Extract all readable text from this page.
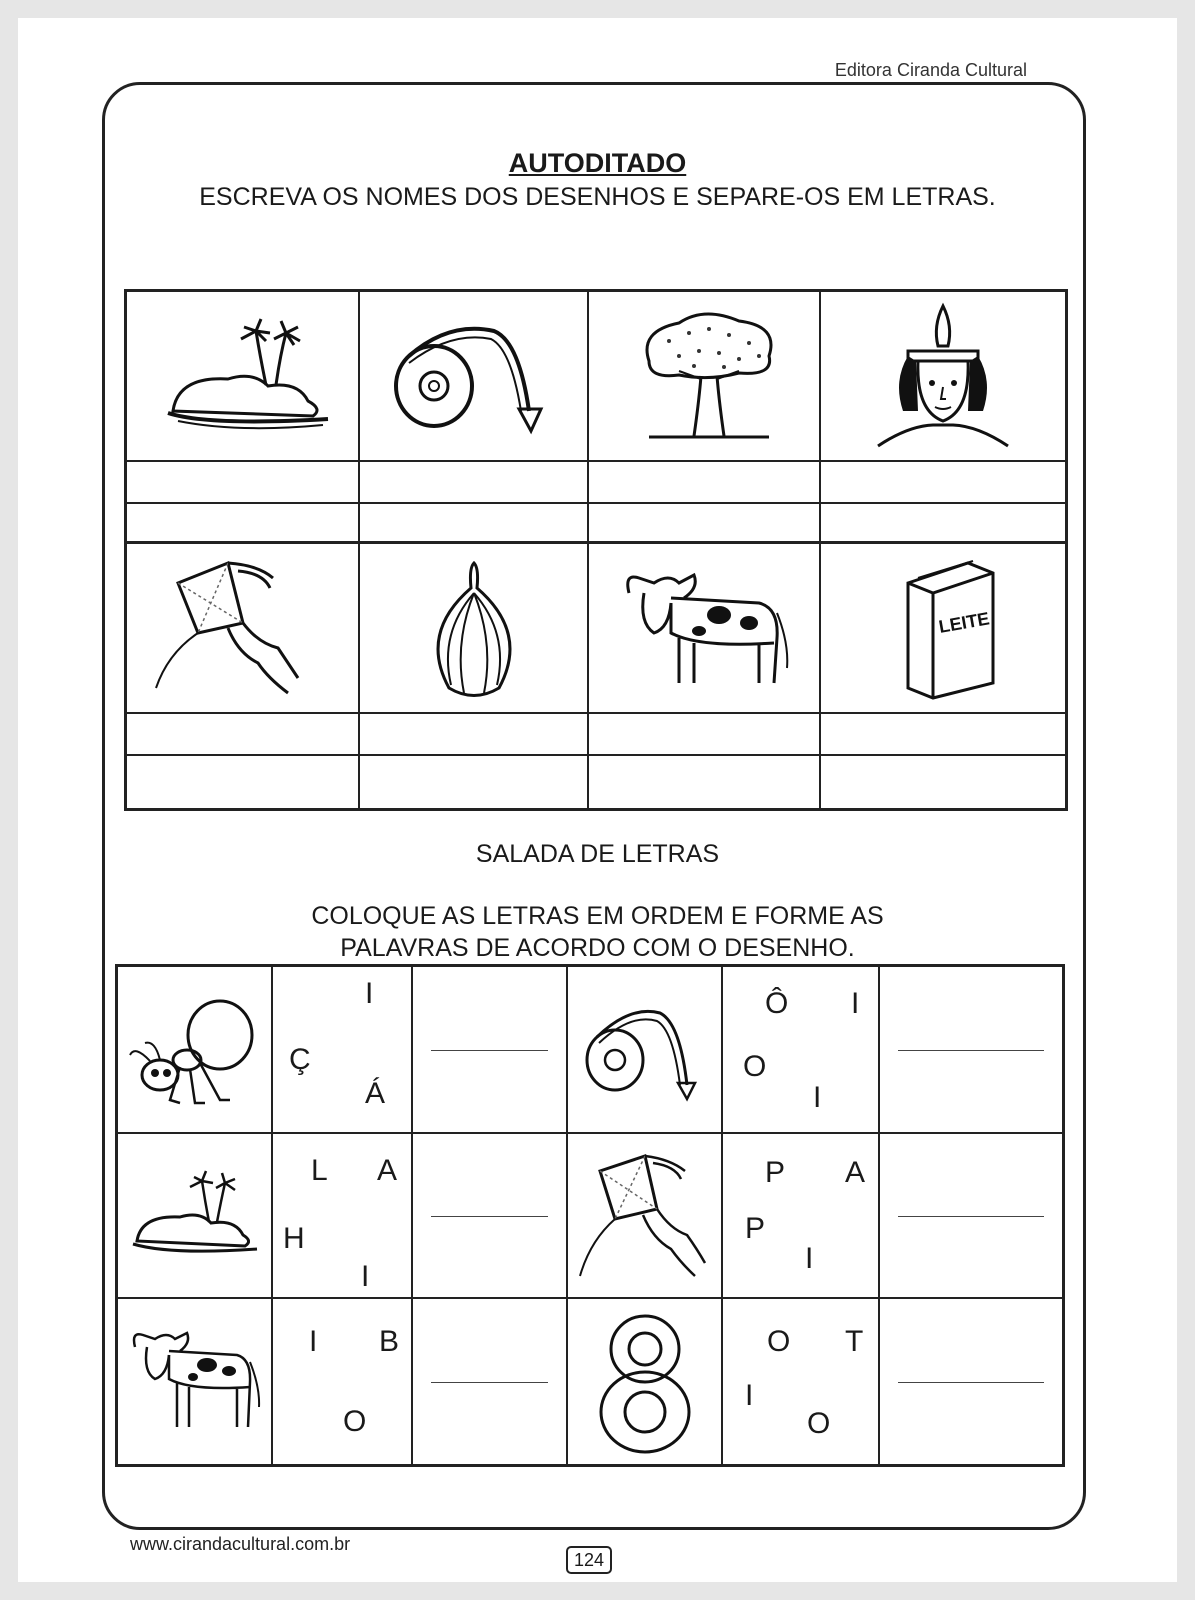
Editora Ciranda Cultural
AUTODITADO
ESCREVA OS NOMES DOS DESENHOS E SEPARE-OS EM LETRAS.
LEITE
SALADA DE LETRAS
COLOQUE AS LETRAS EM ORDEM E FORME AS
PALAVRAS DE ACORDO COM O DESENHO.
I
Ç
Á
Ô I
O
I
L A
H
I
P A
P
I
I B
O
O T
I
O
www.cirandacultural.com.br
124
